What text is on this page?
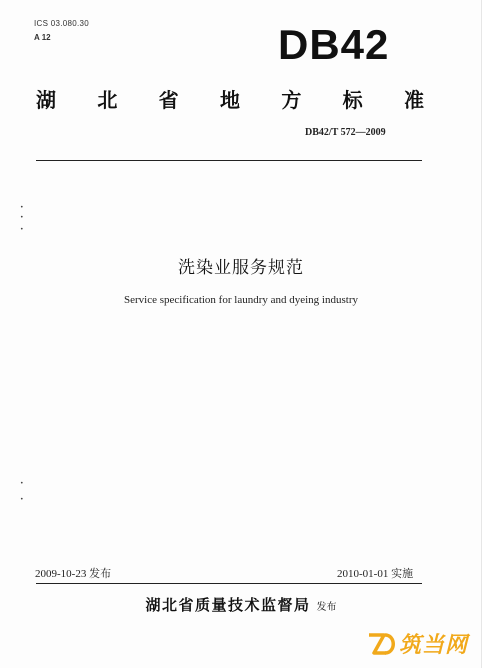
ICS 03.080.30
A 12	DB42
湖 北 省 地 方 标 准
DB42/T 572—2009
•
•
•
•
•
洗染业服务规范
Service specification for laundry and dyeing industry
2009-10-23 发布	2010-01-01 实施
湖北省质量技术监督局 发布
筑当网
